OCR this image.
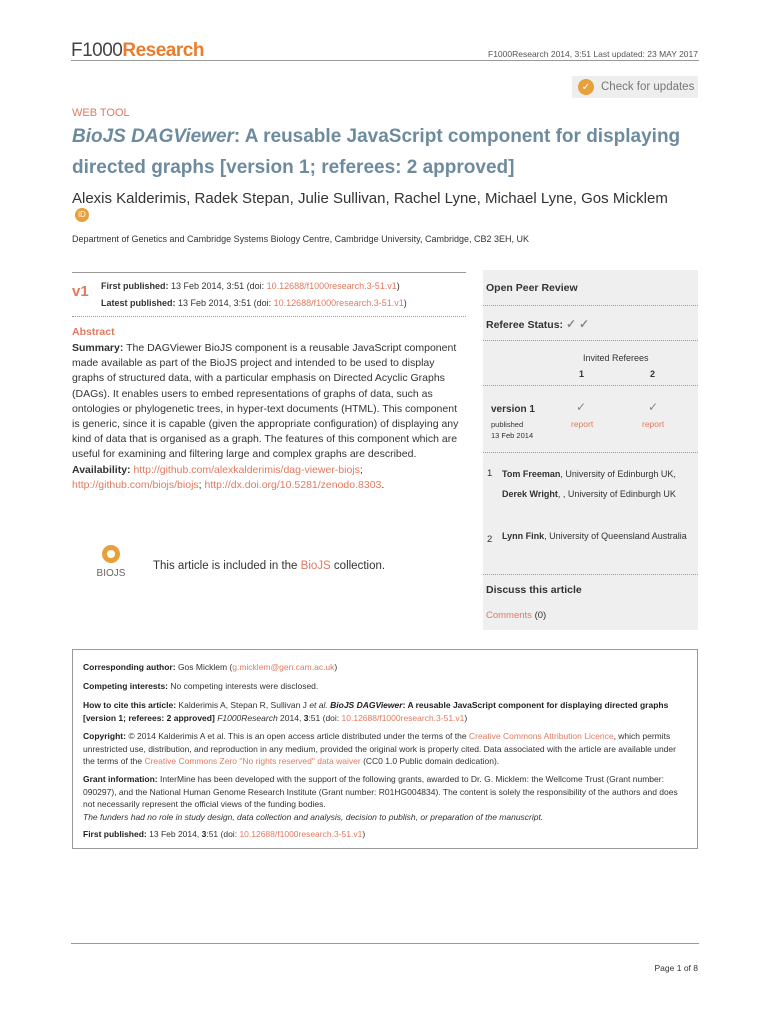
F1000Research	F1000Research 2014, 3:51 Last updated: 23 MAY 2017
✓ Check for updates
WEB TOOL
BioJS DAGViewer: A reusable JavaScript component for displaying directed graphs [version 1; referees: 2 approved]
Alexis Kalderimis, Radek Stepan, Julie Sullivan, Rachel Lyne, Michael Lyne, Gos MicklemiD
Department of Genetics and Cambridge Systems Biology Centre, Cambridge University, Cambridge, CB2 3EH, UK
v1 First published: 13 Feb 2014, 3:51 (doi: 10.12688/f1000research.3-51.v1)
Latest published: 13 Feb 2014, 3:51 (doi: 10.12688/f1000research.3-51.v1)
Abstract
Summary: The DAGViewer BioJS component is a reusable JavaScript component made available as part of the BioJS project and intended to be used to display graphs of structured data, with a particular emphasis on Directed Acyclic Graphs (DAGs). It enables users to embed representations of graphs of data, such as ontologies or phylogenetic trees, in hyper-text documents (HTML). This component is generic, since it is capable (given the appropriate configuration) of displaying any kind of data that is organised as a graph. The features of this component which are useful for examining and filtering large and complex graphs are described.
Availability: http://github.com/alexkalderimis/dag-viewer-biojs; http://github.com/biojs/biojs; http://dx.doi.org/10.5281/zenodo.8303.
BIOJS
This article is included in the BioJS collection.
Open Peer Review
Referee Status: ✓ ✓
Invited Referees
1	2
version 1
published
13 Feb 2014
✓	✓
report	report
1 Tom Freeman, University of Edinburgh UK, Derek Wright, , University of Edinburgh UK
2 Lynn Fink, University of Queensland Australia
Discuss this article
Comments (0)
Corresponding author: Gos Micklem (g.micklem@gen.cam.ac.uk)
Competing interests: No competing interests were disclosed.
How to cite this article: Kalderimis A, Stepan R, Sullivan J et al. BioJS DAGViewer: A reusable JavaScript component for displaying directed graphs [version 1; referees: 2 approved] F1000Research 2014, 3:51 (doi: 10.12688/f1000research.3-51.v1)
Copyright: © 2014 Kalderimis A et al. This is an open access article distributed under the terms of the Creative Commons Attribution Licence, which permits unrestricted use, distribution, and reproduction in any medium, provided the original work is properly cited. Data associated with the article are available under the terms of the Creative Commons Zero "No rights reserved" data waiver (CC0 1.0 Public domain dedication).
Grant information: InterMine has been developed with the support of the following grants, awarded to Dr. G. Micklem: the Wellcome Trust (Grant number: 090297), and the National Human Genome Research Institute (Grant number: R01HG004834). The content is solely the responsibility of the authors and does not necessarily represent the official views of the funding bodies.
The funders had no role in study design, data collection and analysis, decision to publish, or preparation of the manuscript.
First published: 13 Feb 2014, 3:51 (doi: 10.12688/f1000research.3-51.v1)
Page 1 of 8
